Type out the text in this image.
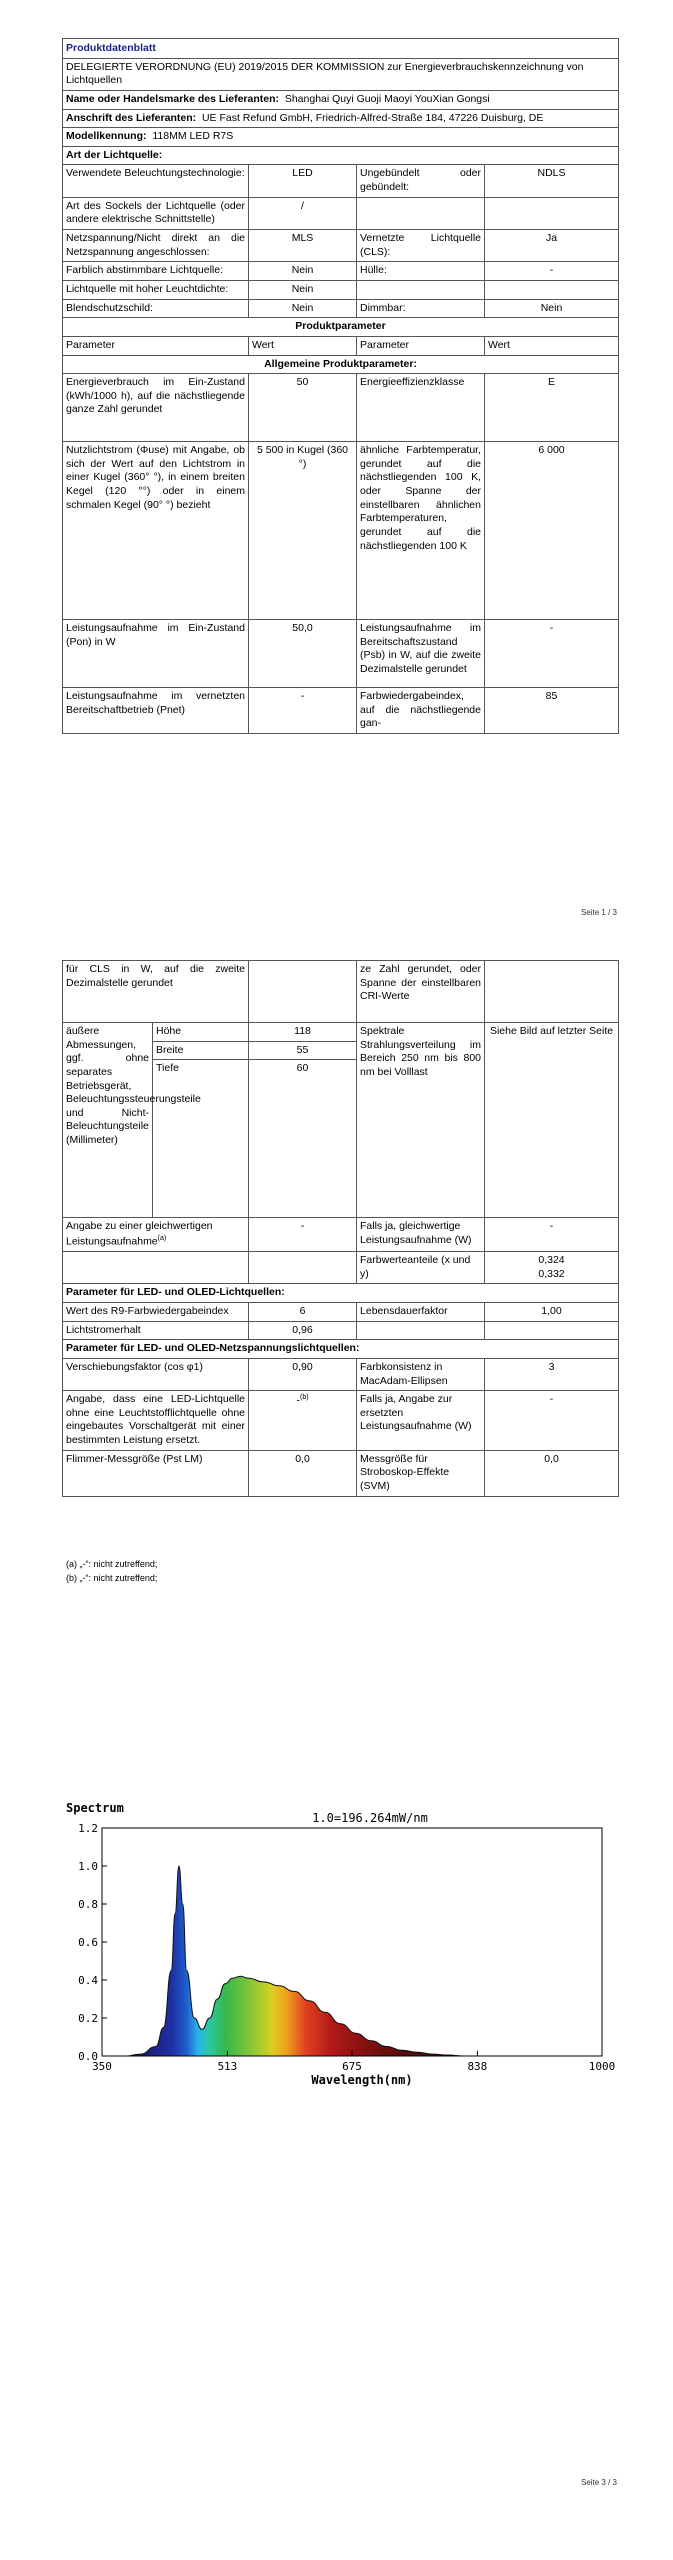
Produktdatenblatt			
DELEGIERTE VERORDNUNG (EU) 2019/2015 DER KOMMISSION zur Energieverbrauchskennzeichnung von Lichtquellen			
Name oder Handelsmarke des Lieferanten: Shanghai Quyi Guoji Maoyi YouXian Gongsi			
Anschrift des Lieferanten: UE Fast Refund GmbH, Friedrich-Alfred-Straße 184, 47226 Duisburg, DE			
Modellkennung: 118MM LED R7S			
Art der Lichtquelle:			
Verwendete Beleuchtungstechnologie:	LED	Ungebündelt oder gebündelt:	NDLS
Art des Sockels der Lichtquelle (oder andere elektrische Schnittstelle)	/		
Netzspannung/Nicht direkt an die Netzspannung angeschlossen:	MLS	Vernetzte Lichtquelle (CLS):	Ja
Farblich abstimmbare Lichtquelle:	Nein	Hülle:	-
Lichtquelle mit hoher Leuchtdichte:	Nein		
Blendschutzschild:	Nein	Dimmbar:	Nein
Produktparameter			
Parameter	Wert	Parameter	Wert
Allgemeine Produktparameter:			
Energieverbrauch im Ein-Zustand (kWh/1000 h), auf die nächstliegende ganze Zahl gerundet	50	Energieeffizienzklasse	E
Nutzlichtstrom (Φuse) mit Angabe, ob sich der Wert auf den Lichtstrom in einer Kugel (360° °), in einem breiten Kegel (120 °°) oder in einem schmalen Kegel (90° °) bezieht	5 500 in Kugel (360 °)	ähnliche Farbtemperatur, gerundet auf die nächstliegenden 100 K, oder Spanne der einstellbaren ähnlichen Farbtemperaturen, gerundet auf die nächstliegenden 100 K	6 000
Leistungsaufnahme im Ein-Zustand (Pon) in W	50,0	Leistungsaufnahme im Bereitschaftszustand (Psb) in W, auf die zweite Dezimalstelle gerundet	-
Leistungsaufnahme im vernetzten Bereitschaftbetrieb (Pnet)	-	Farbwiedergabeindex, auf die nächstliegende gan-	85
Seite 1 / 3
für CLS in W, auf die zweite Dezimalstelle gerundet			ze Zahl gerundet, oder Spanne der einstellbaren CRI-Werte	
äußere Abmessungen, ggf. ohne separates Betriebsgerät, Beleuchtungssteuerungsteile und Nicht-Beleuchtungsteile (Millimeter)	Höhe	118	Spektrale Strahlungsverteilung im Bereich 250 nm bis 800 nm bei Volllast	Siehe Bild auf letzter Seite
	Breite	55		
	Tiefe	60		
Angabe zu einer gleichwertigen Leistungsaufnahme$^{(a)}$		-	Falls ja, gleichwertige Leistungsaufnahme (W)	-
			Farbwerteanteile (x und y)	0,324
0,332

Parameter für LED- und OLED-Lichtquellen:				
Wert des R9-Farbwiedergabeindex		6	Lebensdauerfaktor	1,00
Lichtstromerhalt		0,96		
Parameter für LED- und OLED-Netzspannungslichtquellen:				
Verschiebungsfaktor (cos φ1)		0,90	Farbkonsistenz in MacAdam-Ellipsen	3
Angabe, dass eine LED-Lichtquelle ohne eine Leuchtstofflichtquelle ohne eingebautes Vorschaltgerät mit einer bestimmten Leistung ersetzt.		-$^{(b)}$	Falls ja, Angabe zur ersetzten Leistungsaufnahme (W)	-
Flimmer-Messgröße (Pst LM)		0,0	Messgröße für Stroboskop-Effekte (SVM)	0,0
(a) „-“: nicht zutreffend;
(b) „-“: nicht zutreffend;
Spectrum
1.0=196.264mW/nm
0.0
0.2
0.4
0.6
0.8
1.0
1.2
350	513	675	838	1000
Wavelength(nm)
Seite 3 / 3
